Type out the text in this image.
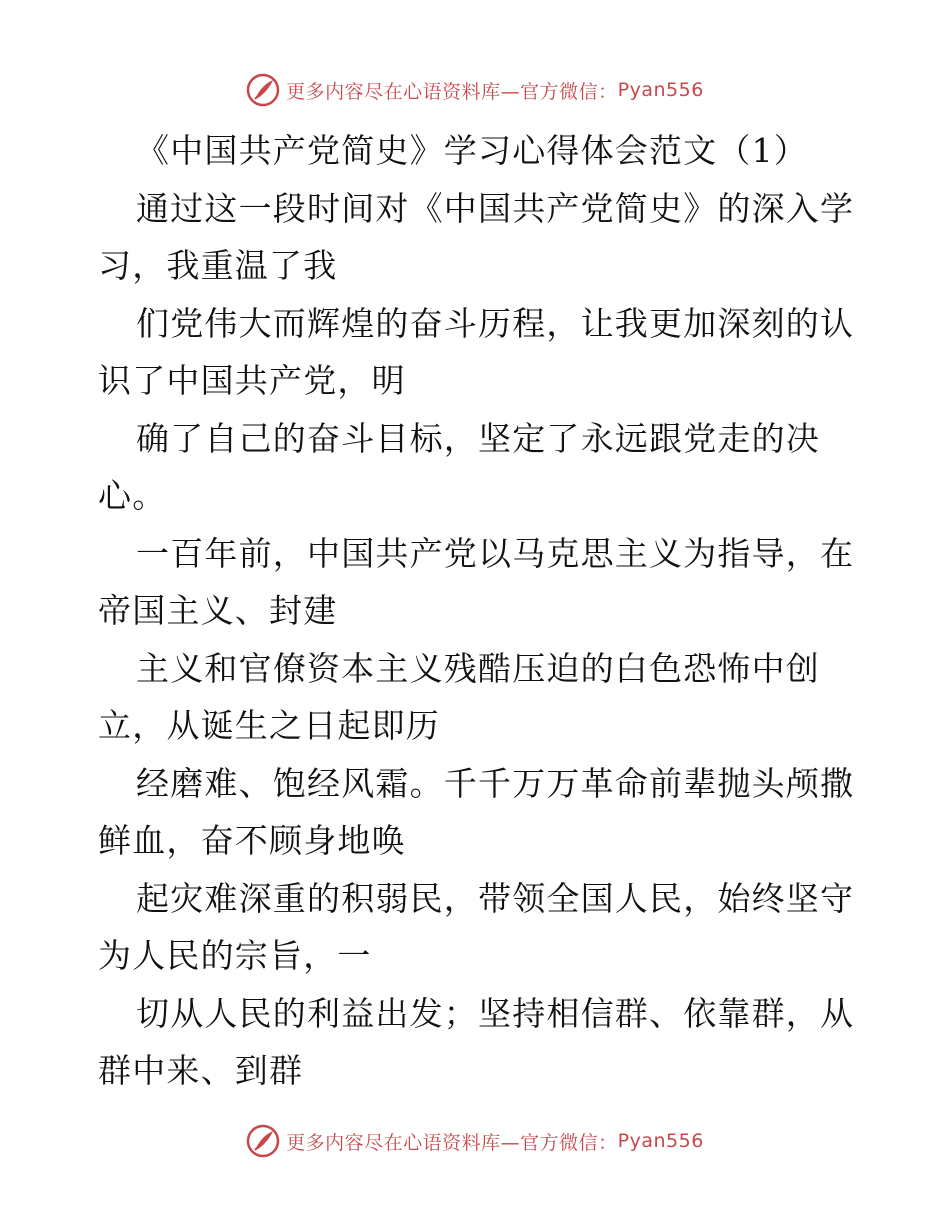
更多内容尽在心语资料库—官方微信： Pyan556
《中国共产党简史》学习心得体会范文（1）
通过这一段时间对《中国共产党简史》的深入学
习，我重温了我
们党伟大而辉煌的奋斗历程，让我更加深刻的认
识了中国共产党，明
确了自己的奋斗目标，坚定了永远跟党走的决
心。
一百年前，中国共产党以马克思主义为指导，在
帝国主义、封建
主义和官僚资本主义残酷压迫的白色恐怖中创
立，从诞生之日起即历
经磨难、饱经风霜。千千万万革命前辈抛头颅撒
鲜血，奋不顾身地唤
起灾难深重的积弱民，带领全国人民，始终坚守
为人民的宗旨，一
切从人民的利益出发；坚持相信群、依靠群，从
群中来、到群
更多内容尽在心语资料库—官方微信： Pyan556
